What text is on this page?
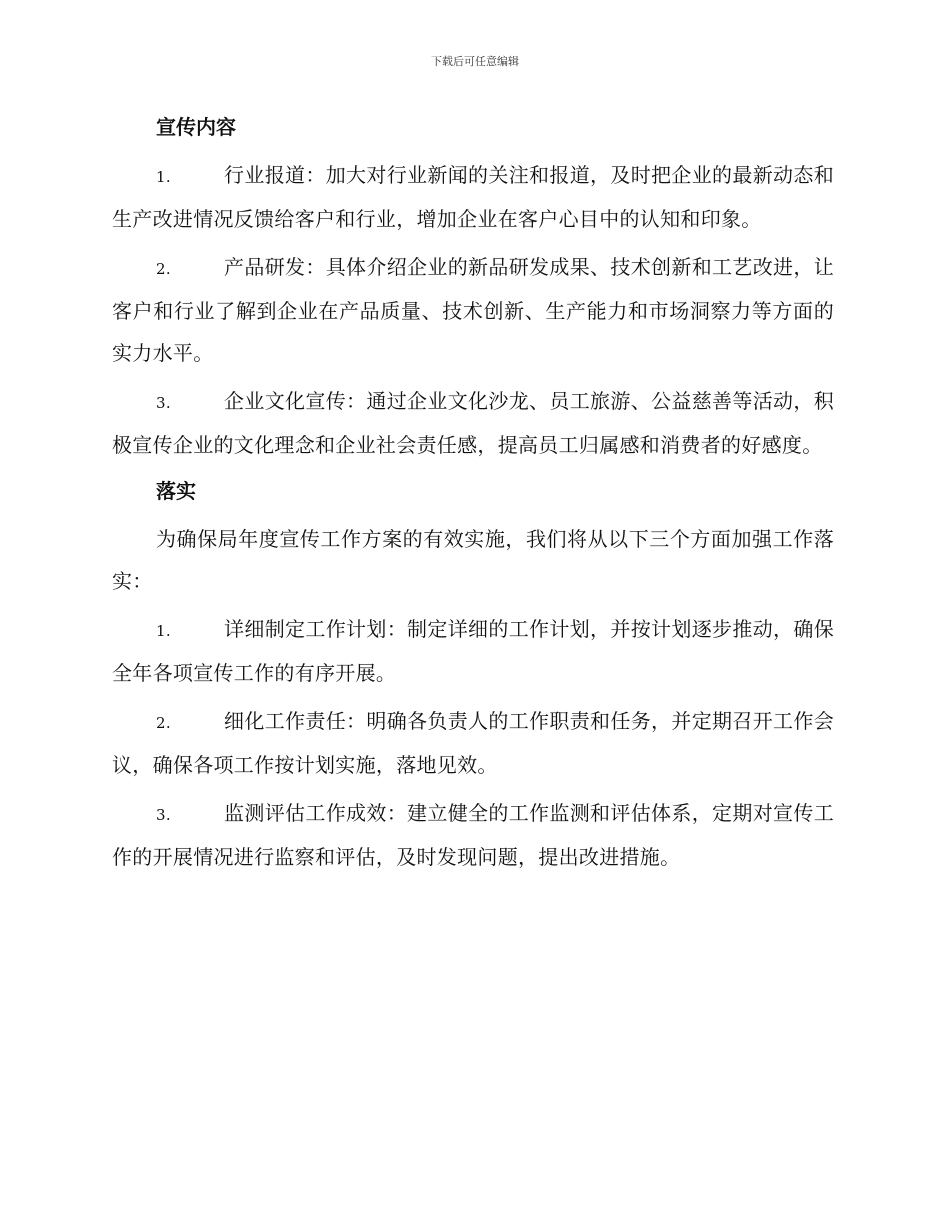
下载后可任意编辑
宣传内容

1.	行业报道：加大对行业新闻的关注和报道，及时把企业的最新动态和生产改进情况反馈给客户和行业，增加企业在客户心目中的认知和印象。

2.	产品研发：具体介绍企业的新品研发成果、技术创新和工艺改进，让客户和行业了解到企业在产品质量、技术创新、生产能力和市场洞察力等方面的实力水平。

3.	企业文化宣传：通过企业文化沙龙、员工旅游、公益慈善等活动，积极宣传企业的文化理念和企业社会责任感，提高员工归属感和消费者的好感度。

落实

为确保局年度宣传工作方案的有效实施，我们将从以下三个方面加强工作落实：

1.	详细制定工作计划：制定详细的工作计划，并按计划逐步推动，确保全年各项宣传工作的有序开展。

2.	细化工作责任：明确各负责人的工作职责和任务，并定期召开工作会议，确保各项工作按计划实施，落地见效。

3.	监测评估工作成效：建立健全的工作监测和评估体系，定期对宣传工作的开展情况进行监察和评估，及时发现问题，提出改进措施。
